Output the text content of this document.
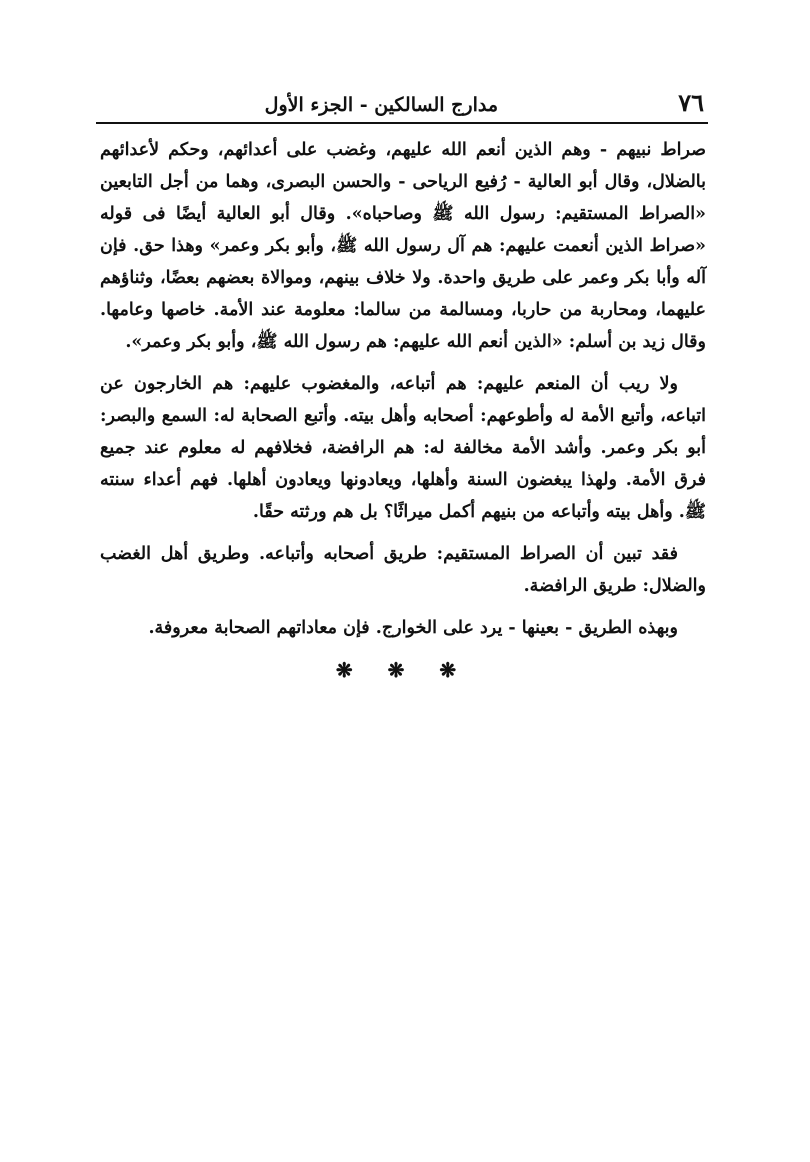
٧٦
مدارج السالكين - الجزء الأول

صراط نبيهم - وهم الذين أنعم الله عليهم، وغضب على أعدائهم، وحكم لأعدائهم بالضلال، وقال أبو العالية - رُفيع الرياحى - والحسن البصرى، وهما من أجل التابعين «الصراط المستقيم: رسول الله ﷺ وصاحباه». وقال أبو العالية أيضًا فى قوله «صراط الذين أنعمت عليهم: هم آل رسول الله ﷺ، وأبو بكر وعمر» وهذا حق. فإن آله وأبا بكر وعمر على طريق واحدة. ولا خلاف بينهم، وموالاة بعضهم بعضًا، وثناؤهم عليهما، ومحاربة من حاربا، ومسالمة من سالما: معلومة عند الأمة. خاصها وعامها. وقال زيد بن أسلم: «الذين أنعم الله عليهم: هم رسول الله ﷺ، وأبو بكر وعمر».

ولا ريب أن المنعم عليهم: هم أتباعه، والمغضوب عليهم: هم الخارجون عن اتباعه، وأتبع الأمة له وأطوعهم: أصحابه وأهل بيته. وأتبع الصحابة له: السمع والبصر: أبو بكر وعمر. وأشد الأمة مخالفة له: هم الرافضة، فخلافهم له معلوم عند جميع فرق الأمة. ولهذا يبغضون السنة وأهلها، ويعادونها ويعادون أهلها. فهم أعداء سنته ﷺ. وأهل بيته وأتباعه من بنيهم أكمل ميراثًا؟ بل هم ورثته حقًا.

فقد تبين أن الصراط المستقيم: طريق أصحابه وأتباعه. وطريق أهل الغضب والضلال: طريق الرافضة.

وبهذه الطريق - بعينها - يرد على الخوارج. فإن معاداتهم الصحابة معروفة.

❋ ❋ ❋
